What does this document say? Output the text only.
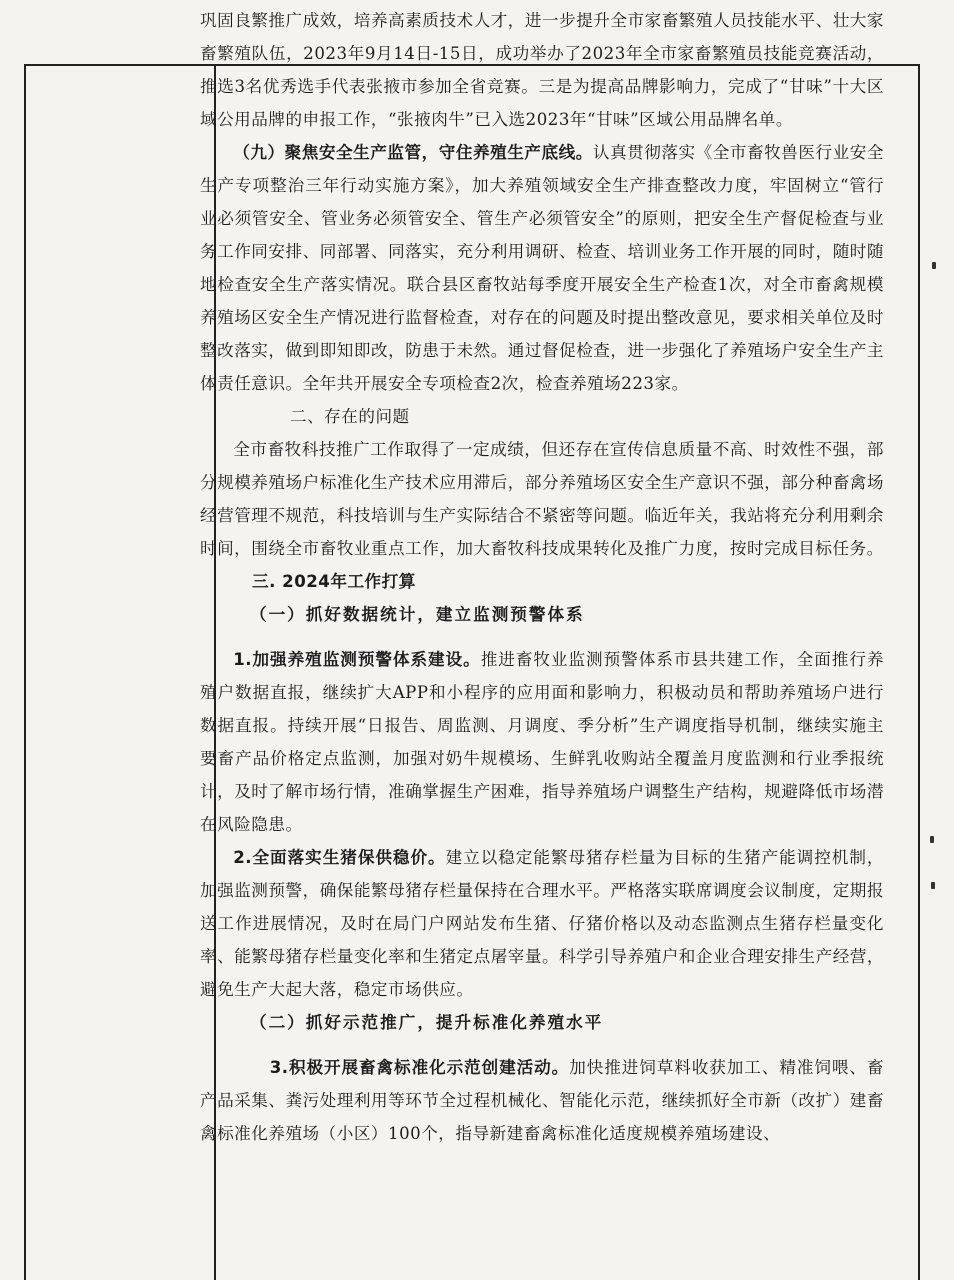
巩固良繁推广成效，培养高素质技术人才，进一步提升全市家畜繁殖人员技能水平、壮大家畜繁殖队伍，2023年9月14日-15日，成功举办了2023年全市家畜繁殖员技能竞赛活动，推选3名优秀选手代表张掖市参加全省竞赛。三是为提高品牌影响力，完成了“甘味”十大区域公用品牌的申报工作，“张掖肉牛”已入选2023年“甘味”区域公用品牌名单。

（九）聚焦安全生产监管，守住养殖生产底线。认真贯彻落实《全市畜牧兽医行业安全生产专项整治三年行动实施方案》，加大养殖领域安全生产排查整改力度，牢固树立“管行业必须管安全、管业务必须管安全、管生产必须管安全”的原则，把安全生产督促检查与业务工作同安排、同部署、同落实，充分利用调研、检查、培训业务工作开展的同时，随时随地检查安全生产落实情况。联合县区畜牧站每季度开展安全生产检查1次，对全市畜禽规模养殖场区安全生产情况进行监督检查，对存在的问题及时提出整改意见，要求相关单位及时整改落实，做到即知即改，防患于未然。通过督促检查，进一步强化了养殖场户安全生产主体责任意识。全年共开展安全专项检查2次，检查养殖场223家。

二、存在的问题

全市畜牧科技推广工作取得了一定成绩，但还存在宣传信息质量不高、时效性不强，部分规模养殖场户标准化生产技术应用滞后，部分养殖场区安全生产意识不强，部分种畜禽场经营管理不规范，科技培训与生产实际结合不紧密等问题。临近年关，我站将充分利用剩余时间，围绕全市畜牧业重点工作，加大畜牧科技成果转化及推广力度，按时完成目标任务。

三. 2024年工作打算

（一）抓好数据统计，建立监测预警体系

1.加强养殖监测预警体系建设。推进畜牧业监测预警体系市县共建工作，全面推行养殖户数据直报，继续扩大APP和小程序的应用面和影响力，积极动员和帮助养殖场户进行数据直报。持续开展“日报告、周监测、月调度、季分析”生产调度指导机制，继续实施主要畜产品价格定点监测，加强对奶牛规模场、生鲜乳收购站全覆盖月度监测和行业季报统计，及时了解市场行情，准确掌握生产困难，指导养殖场户调整生产结构，规避降低市场潜在风险隐患。

2.全面落实生猪保供稳价。建立以稳定能繁母猪存栏量为目标的生猪产能调控机制，加强监测预警，确保能繁母猪存栏量保持在合理水平。严格落实联席调度会议制度，定期报送工作进展情况，及时在局门户网站发布生猪、仔猪价格以及动态监测点生猪存栏量变化率、能繁母猪存栏量变化率和生猪定点屠宰量。科学引导养殖户和企业合理安排生产经营，避免生产大起大落，稳定市场供应。

（二）抓好示范推广，提升标准化养殖水平

3.积极开展畜禽标准化示范创建活动。加快推进饲草料收获加工、精准饲喂、畜产品采集、粪污处理利用等环节全过程机械化、智能化示范，继续抓好全市新（改扩）建畜禽标准化养殖场（小区）100个，指导新建畜禽标准化适度规模养殖场建设、
